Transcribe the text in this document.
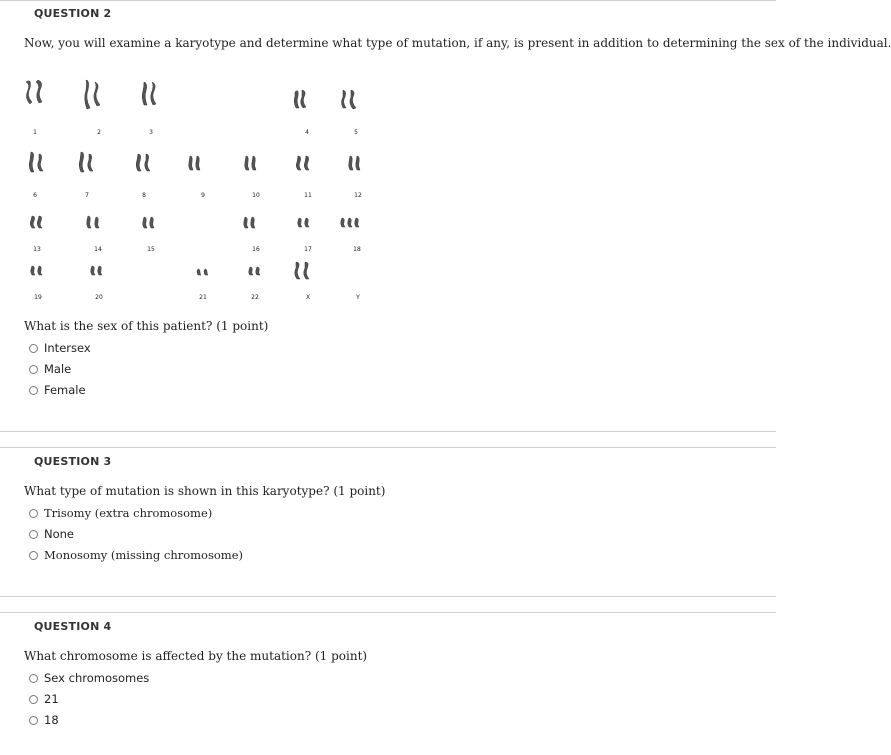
QUESTION 2
Now, you will examine a karyotype and determine what type of mutation, if any, is present in addition to determining the sex of the individual.
1	2	3	4	5
6	7	8	9	10	11	12
13	14	15	16	17	18
19	20	21	22	X	Y
What is the sex of this patient? (1 point)
Intersex
Male
Female
QUESTION 3
What type of mutation is shown in this karyotype? (1 point)
Trisomy (extra chromosome)
None
Monosomy (missing chromosome)
QUESTION 4
What chromosome is affected by the mutation? (1 point)
Sex chromosomes
21
18
